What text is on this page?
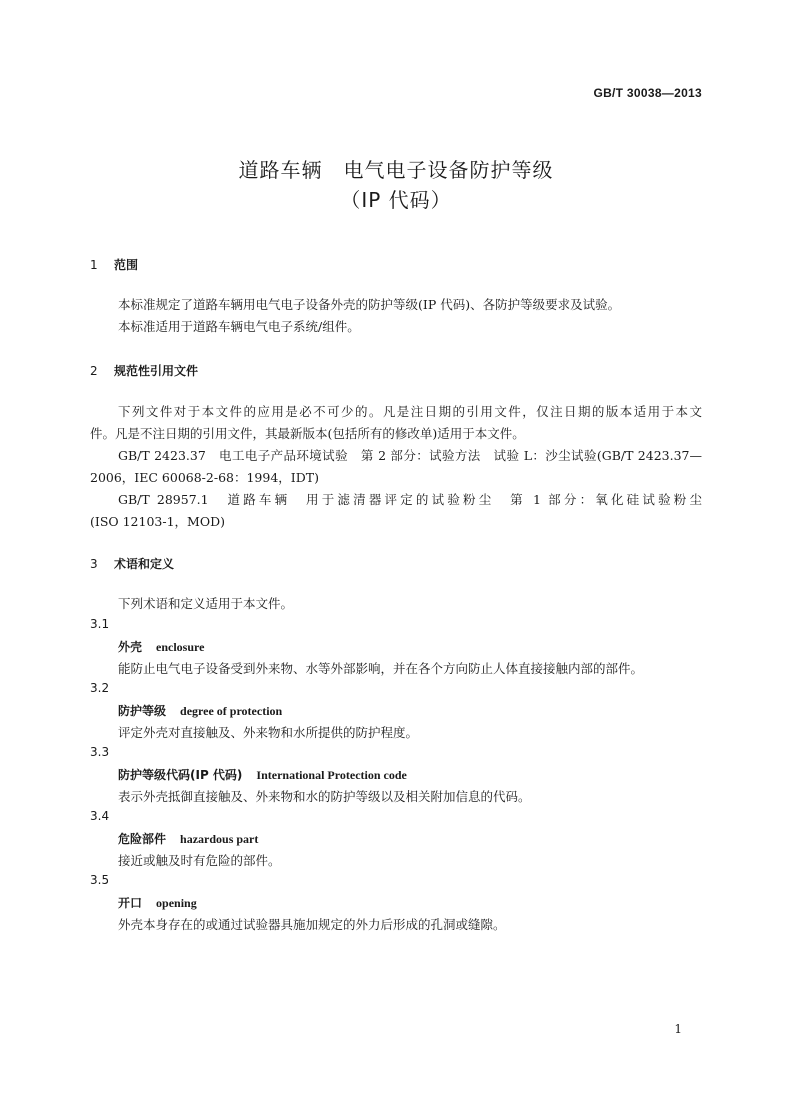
GB/T 30038—2013
道路车辆　电气电子设备防护等级
（IP 代码）
1 范围
本标准规定了道路车辆用电气电子设备外壳的防护等级(IP 代码)、各防护等级要求及试验。
本标准适用于道路车辆电气电子系统/组件。
2 规范性引用文件
下列文件对于本文件的应用是必不可少的。凡是注日期的引用文件，仅注日期的版本适用于本文
件。凡是不注日期的引用文件，其最新版本(包括所有的修改单)适用于本文件。
GB/T 2423.37　电工电子产品环境试验　第 2 部分：试验方法　试验 L：沙尘试验(GB/T 2423.37—
2006，IEC 60068-2-68：1994，IDT)
GB/T 28957.1　道路车辆　用于滤清器评定的试验粉尘　第 1 部分：氧化硅试验粉尘
(ISO 12103-1，MOD)
3 术语和定义
下列术语和定义适用于本文件。
3.1
外壳 enclosure
能防止电气电子设备受到外来物、水等外部影响，并在各个方向防止人体直接接触内部的部件。
3.2
防护等级 degree of protection
评定外壳对直接触及、外来物和水所提供的防护程度。
3.3
防护等级代码(IP 代码) International Protection code
表示外壳抵御直接触及、外来物和水的防护等级以及相关附加信息的代码。
3.4
危险部件 hazardous part
接近或触及时有危险的部件。
3.5
开口 opening
外壳本身存在的或通过试验器具施加规定的外力后形成的孔洞或缝隙。
1
